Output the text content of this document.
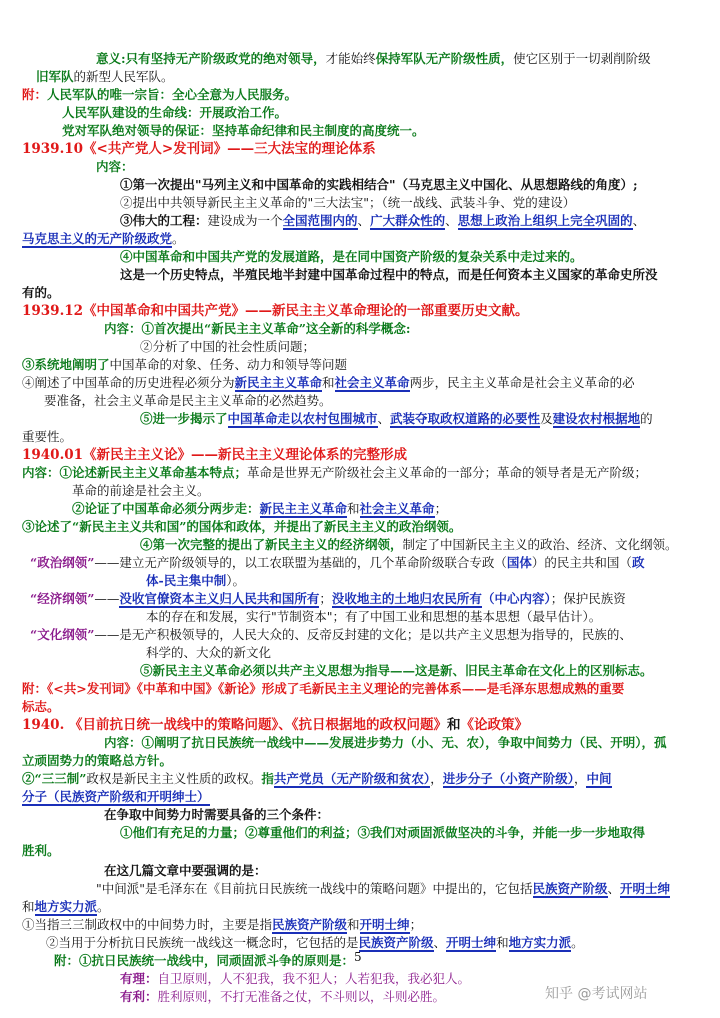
意义:只有坚持无产阶级政党的绝对领导，才能始终保持军队无产阶级性质，使它区别于一切剥削阶级
旧军队的新型人民军队。
附：人民军队的唯一宗旨：全心全意为人民服务。
人民军队建设的生命线：开展政治工作。
党对军队绝对领导的保证：坚持革命纪律和民主制度的高度统一。
1939.10《<共产党人>发刊词》——三大法宝的理论体系
内容：
①第一次提出"马列主义和中国革命的实践相结合"（马克思主义中国化、从思想路线的角度）;
②提出中共领导新民主主义革命的"三大法宝"；（统一战线、武装斗争、党的建设）
③伟大的工程：建设成为一个全国范围内的、广大群众性的、思想上政治上组织上完全巩固的、
马克思主义的无产阶级政党。
④中国革命和中国共产党的发展道路，是在同中国资产阶级的复杂关系中走过来的。
这是一个历史特点，半殖民地半封建中国革命过程中的特点，而是任何资本主义国家的革命史所没
有的。
1939.12《中国革命和中国共产党》——新民主主义革命理论的一部重要历史文献。
内容：①首次提出“新民主主义革命”这全新的科学概念:
②分析了中国的社会性质问题；
③系统地阐明了中国革命的对象、任务、动力和领导等问题
④阐述了中国革命的历史进程必须分为新民主主义革命和社会主义革命两步，民主主义革命是社会主义革命的必
要准备，社会主义革命是民主主义革命的必然趋势。
⑤进一步揭示了中国革命走以农村包围城市、武装夺取政权道路的必要性及建设农村根据地的
重要性。
1940.01《新民主主义论》——新民主主义理论体系的完整形成
内容：①论述新民主主义革命基本特点；革命是世界无产阶级社会主义革命的一部分；革命的领导者是无产阶级；
革命的前途是社会主义。
②论证了中国革命必须分两步走：新民主主义革命和社会主义革命；
③论述了“新民主主义共和国”的国体和政体，并提出了新民主主义的政治纲领。
④第一次完整的提出了新民主主义的经济纲领，制定了中国新民主主义的政治、经济、文化纲领。
“政治纲领”——建立无产阶级领导的，以工农联盟为基础的，几个革命阶级联合专政（国体）的民主共和国（政
体-民主集中制）。
“经济纲领”——没收官僚资本主义归人民共和国所有；没收地主的土地归农民所有（中心内容）；保护民族资
本的存在和发展，实行"节制资本"；有了中国工业和思想的基本思想（最早估计）。
“文化纲领”——是无产积极领导的，人民大众的、反帝反封建的文化；是以共产主义思想为指导的，民族的、
科学的、大众的新文化
⑤新民主主义革命必须以共产主义思想为指导——这是新、旧民主革命在文化上的区别标志。
附：《<共>发刊词》《中革和中国》《新论》形成了毛新民主主义理论的完善体系——是毛泽东思想成熟的重要
标志。
1940. 《目前抗日统一战线中的策略问题》、《抗日根据地的政权问题》和《论政策》
内容：①阐明了抗日民族统一战线中——发展进步势力（小、无、农），争取中间势力（民、开明），孤
立顽固势力的策略总方针。
②“三三制”政权是新民主主义性质的政权。指共产党员（无产阶级和贫农），进步分子（小资产阶级），中间
分子（民族资产阶级和开明绅士）
在争取中间势力时需要具备的三个条件：
①他们有充足的力量；②尊重他们的利益；③我们对顽固派做坚决的斗争，并能一步一步地取得
胜利。
在这几篇文章中要强调的是：
"中间派"是毛泽东在《目前抗日民族统一战线中的策略问题》中提出的，它包括民族资产阶级、开明士绅
和地方实力派。
①当指三三制政权中的中间势力时，主要是指民族资产阶级和开明士绅；
②当用于分析抗日民族统一战线这一概念时，它包括的是民族资产阶级、开明士绅和地方实力派。
附：①抗日民族统一战线中，同顽固派斗争的原则是：
有理：自卫原则，人不犯我，我不犯人；人若犯我，我必犯人。
有利：胜利原则，不打无准备之仗，不斗则以，斗则必胜。
5
知乎 @考试网站
